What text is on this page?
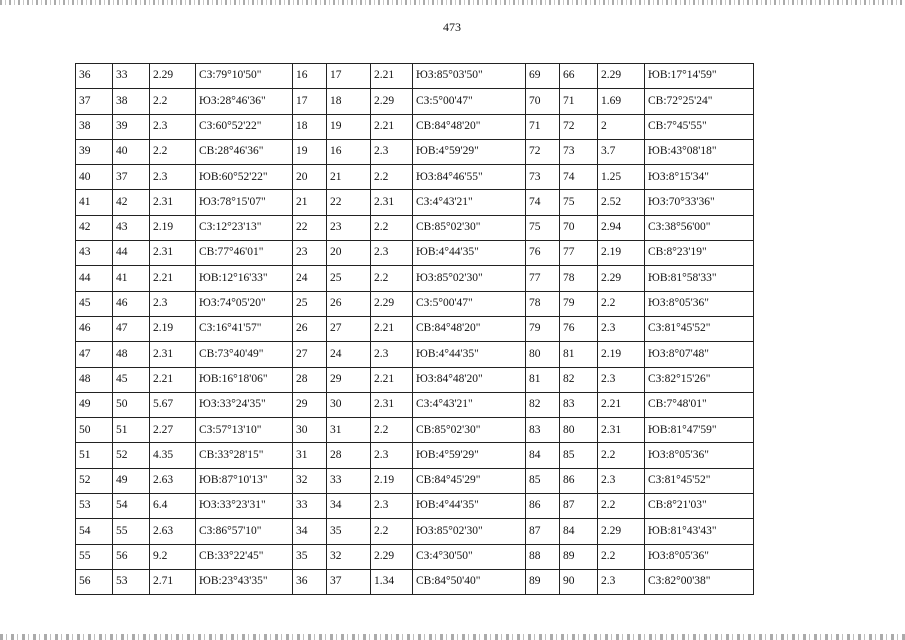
473
36	33	2.29	СЗ:79°10'50"	16	17	2.21	ЮЗ:85°03'50"	69	66	2.29	ЮВ:17°14'59"
37	38	2.2	ЮЗ:28°46'36"	17	18	2.29	СЗ:5°00'47"	70	71	1.69	СВ:72°25'24"
38	39	2.3	СЗ:60°52'22"	18	19	2.21	СВ:84°48'20"	71	72	2	СВ:7°45'55"
39	40	2.2	СВ:28°46'36"	19	16	2.3	ЮВ:4°59'29"	72	73	3.7	ЮВ:43°08'18"
40	37	2.3	ЮВ:60°52'22"	20	21	2.2	ЮЗ:84°46'55"	73	74	1.25	ЮЗ:8°15'34"
41	42	2.31	ЮЗ:78°15'07"	21	22	2.31	СЗ:4°43'21"	74	75	2.52	ЮЗ:70°33'36"
42	43	2.19	СЗ:12°23'13"	22	23	2.2	СВ:85°02'30"	75	70	2.94	СЗ:38°56'00"
43	44	2.31	СВ:77°46'01"	23	20	2.3	ЮВ:4°44'35"	76	77	2.19	СВ:8°23'19"
44	41	2.21	ЮВ:12°16'33"	24	25	2.2	ЮЗ:85°02'30"	77	78	2.29	ЮВ:81°58'33"
45	46	2.3	ЮЗ:74°05'20"	25	26	2.29	СЗ:5°00'47"	78	79	2.2	ЮЗ:8°05'36"
46	47	2.19	СЗ:16°41'57"	26	27	2.21	СВ:84°48'20"	79	76	2.3	СЗ:81°45'52"
47	48	2.31	СВ:73°40'49"	27	24	2.3	ЮВ:4°44'35"	80	81	2.19	ЮЗ:8°07'48"
48	45	2.21	ЮВ:16°18'06"	28	29	2.21	ЮЗ:84°48'20"	81	82	2.3	СЗ:82°15'26"
49	50	5.67	ЮЗ:33°24'35"	29	30	2.31	СЗ:4°43'21"	82	83	2.21	СВ:7°48'01"
50	51	2.27	СЗ:57°13'10"	30	31	2.2	СВ:85°02'30"	83	80	2.31	ЮВ:81°47'59"
51	52	4.35	СВ:33°28'15"	31	28	2.3	ЮВ:4°59'29"	84	85	2.2	ЮЗ:8°05'36"
52	49	2.63	ЮВ:87°10'13"	32	33	2.19	СВ:84°45'29"	85	86	2.3	СЗ:81°45'52"
53	54	6.4	ЮЗ:33°23'31"	33	34	2.3	ЮВ:4°44'35"	86	87	2.2	СВ:8°21'03"
54	55	2.63	СЗ:86°57'10"	34	35	2.2	ЮЗ:85°02'30"	87	84	2.29	ЮВ:81°43'43"
55	56	9.2	СВ:33°22'45"	35	32	2.29	СЗ:4°30'50"	88	89	2.2	ЮЗ:8°05'36"
56	53	2.71	ЮВ:23°43'35"	36	37	1.34	СВ:84°50'40"	89	90	2.3	СЗ:82°00'38"
